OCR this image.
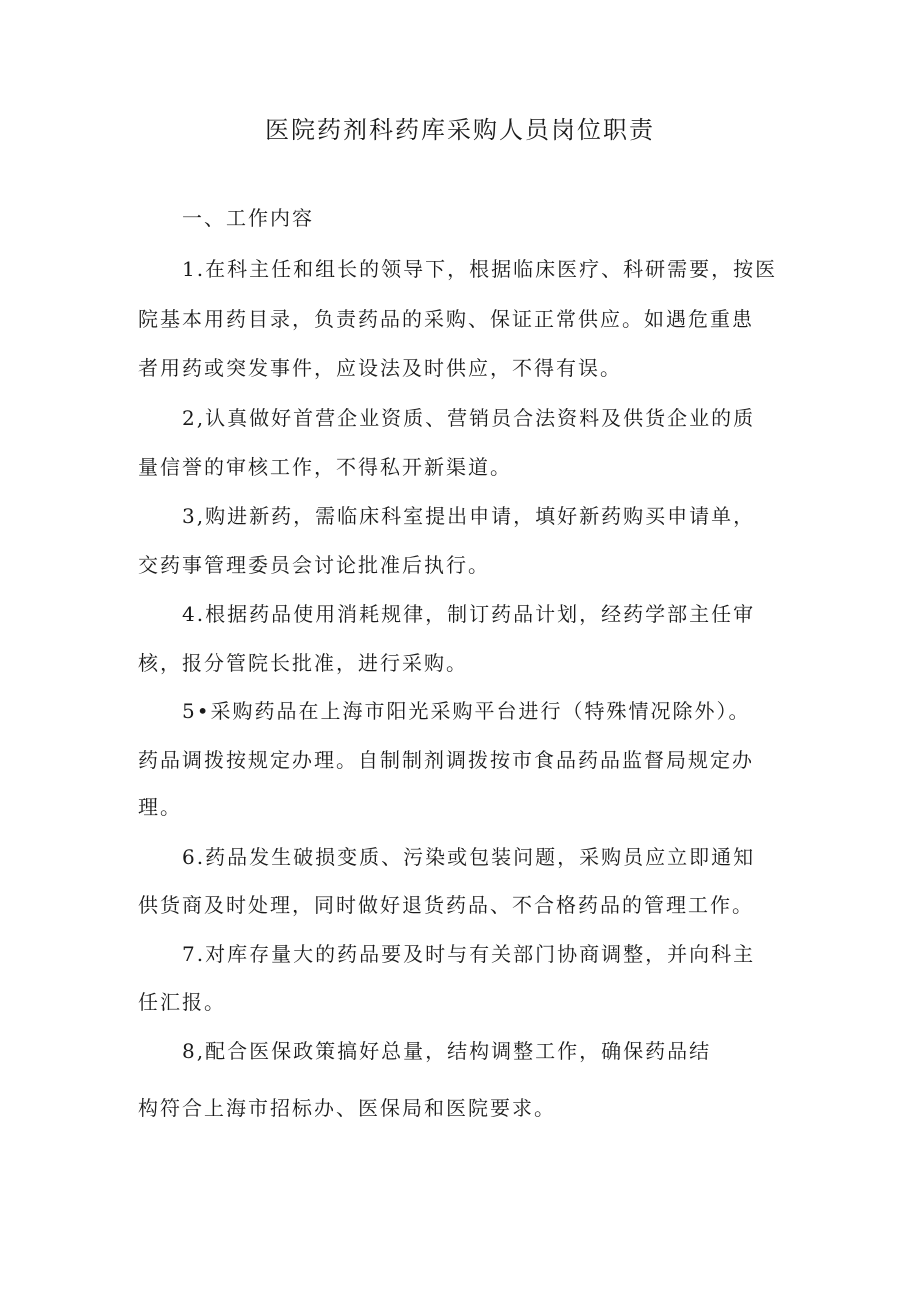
医院药剂科药库采购人员岗位职责
一、工作内容
1.在科主任和组长的领导下，根据临床医疗、科研需要，按医
院基本用药目录，负责药品的采购、保证正常供应。如遇危重患
者用药或突发事件，应设法及时供应，不得有误。
2,认真做好首营企业资质、营销员合法资料及供货企业的质
量信誉的审核工作，不得私开新渠道。
3,购进新药，需临床科室提出申请，填好新药购买申请单，
交药事管理委员会讨论批准后执行。
4.根据药品使用消耗规律，制订药品计划，经药学部主任审
核，报分管院长批准，进行采购。
5•采购药品在上海市阳光采购平台进行（特殊情况除外）。
药品调拨按规定办理。自制制剂调拨按市食品药品监督局规定办
理。
6.药品发生破损变质、污染或包装问题，采购员应立即通知
供货商及时处理，同时做好退货药品、不合格药品的管理工作。
7.对库存量大的药品要及时与有关部门协商调整，并向科主
任汇报。
8,配合医保政策搞好总量，结构调整工作，确保药品结
构符合上海市招标办、医保局和医院要求。
